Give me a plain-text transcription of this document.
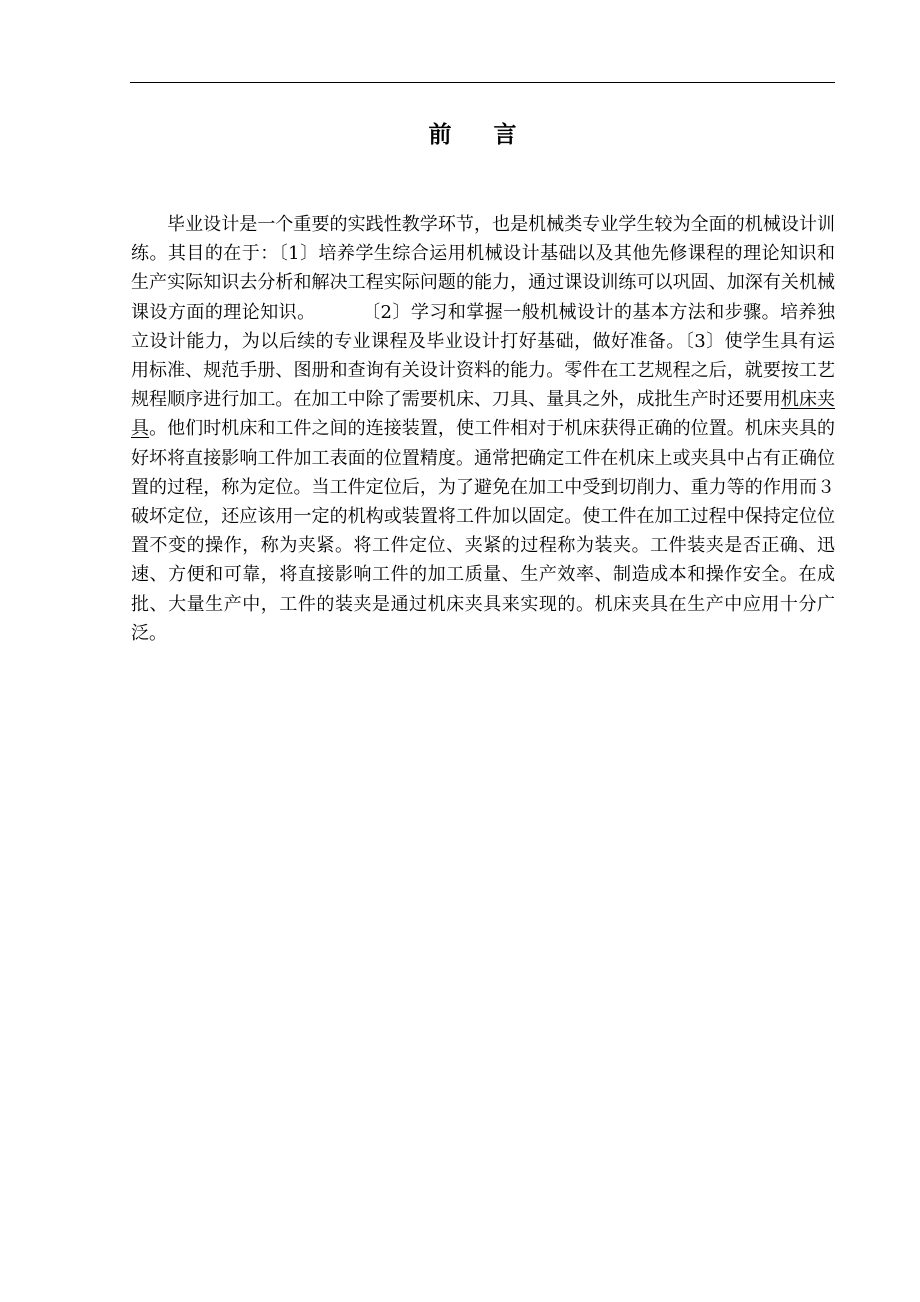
前 言

毕业设计是一个重要的实践性教学环节，也是机械类专业学生较为全面的机械设计训练。其目的在于：〔1〕培养学生综合运用机械设计基础以及其他先修课程的理论知识和生产实际知识去分析和解决工程实际问题的能力，通过课设训练可以巩固、加深有关机械课设方面的理论知识。	〔2〕学习和掌握一般机械设计的基本方法和步骤。培养独立设计能力，为以后续的专业课程及毕业设计打好基础，做好准备。〔3〕使学生具有运用标准、规范手册、图册和查询有关设计资料的能力。零件在工艺规程之后，就要按工艺规程顺序进行加工。在加工中除了需要机床、刀具、量具之外，成批生产时还要用机床夹具。他们时机床和工件之间的连接装置，使工件相对于机床获得正确的位置。机床夹具的好坏将直接影响工件加工表面的位置精度。通常把确定工件在机床上或夹具中占有正确位置的过程，称为定位。当工件定位后，为了避免在加工中受到切削力、重力等的作用而３破坏定位，还应该用一定的机构或装置将工件加以固定。使工件在加工过程中保持定位位置不变的操作，称为夹紧。将工件定位、夹紧的过程称为装夹。工件装夹是否正确、迅速、方便和可靠，将直接影响工件的加工质量、生产效率、制造成本和操作安全。在成批、大量生产中，工件的装夹是通过机床夹具来实现的。机床夹具在生产中应用十分广泛。
